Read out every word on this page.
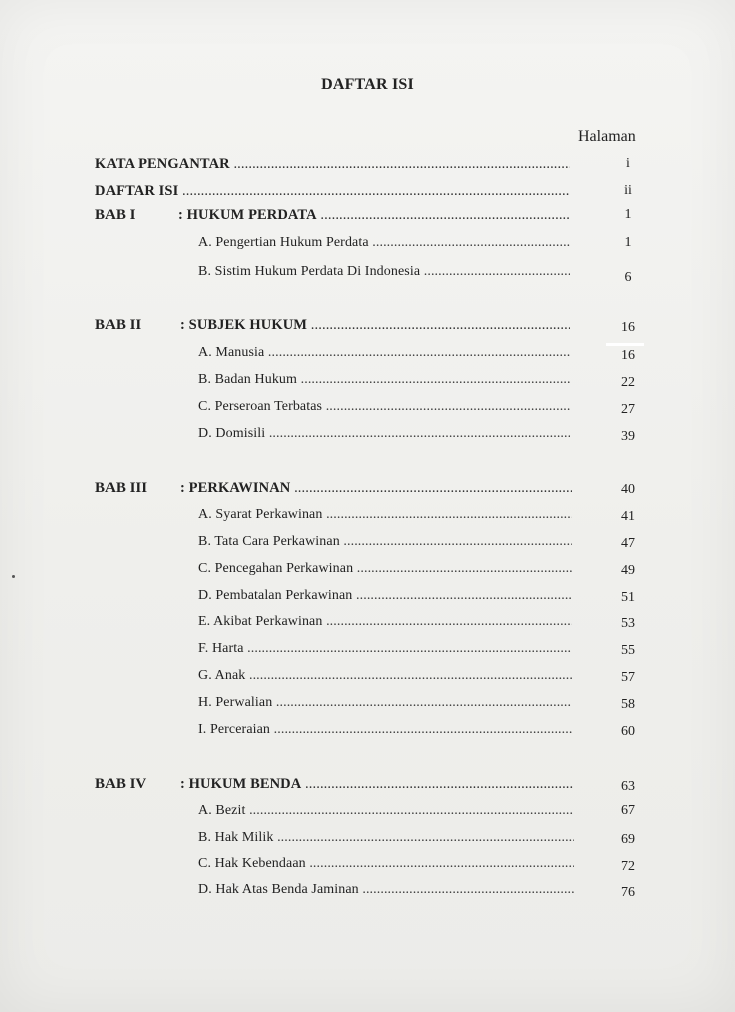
DAFTAR ISI
Halaman
KATA PENGANTAR .....	i
DAFTAR ISI .....	ii
BAB I	: HUKUM PERDATA .....	1
A. Pengertian Hukum Perdata .....	1
B. Sistim Hukum Perdata Di Indonesia .....	6
BAB II	: SUBJEK HUKUM .....	16
A. Manusia .....	16
B. Badan Hukum .....	22
C. Perseroan Terbatas .....	27
D. Domisili .....	39
BAB III : PERKAWINAN .....	40
A. Syarat Perkawinan .....	41
B. Tata Cara Perkawinan .....	47
C. Pencegahan Perkawinan .....	49
D. Pembatalan Perkawinan .....	51
E. Akibat Perkawinan .....	53
F. Harta .....	55
G. Anak .....	57
H. Perwalian .....	58
I. Perceraian .....	60
BAB IV : HUKUM BENDA .....	63
A. Bezit .....	67
B. Hak Milik .....	69
C. Hak Kebendaan .....	72
D. Hak Atas Benda Jaminan .....	76
